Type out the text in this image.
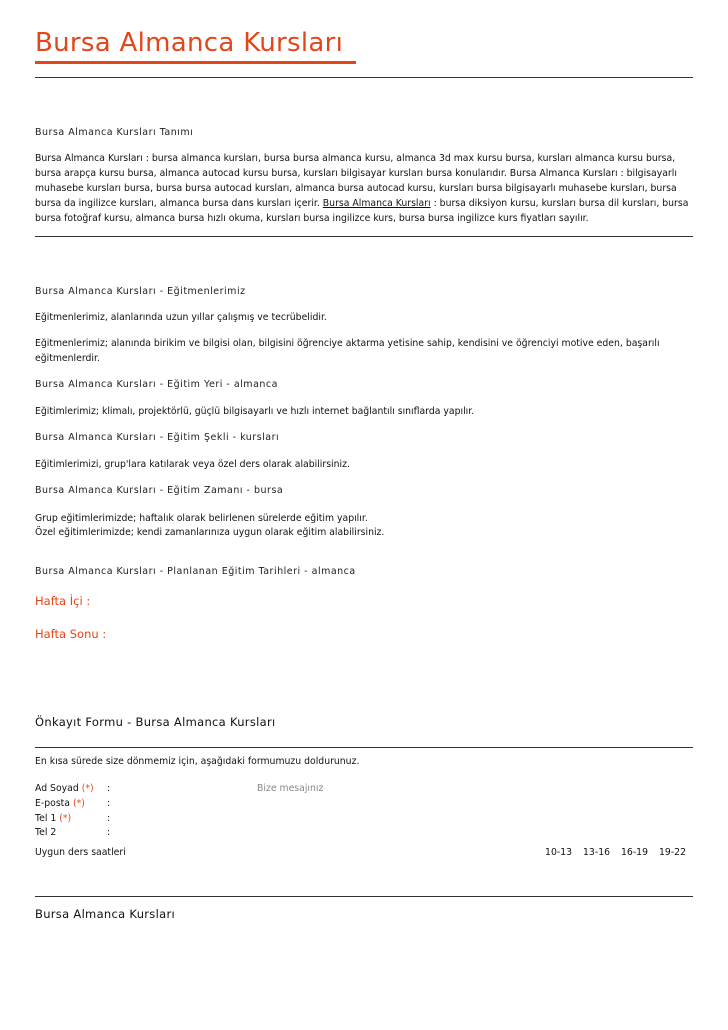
Bursa Almanca Kursları
Bursa Almanca Kursları Tanımı

Bursa Almanca Kursları : bursa almanca kursları, bursa bursa almanca kursu, almanca 3d max kursu bursa, kursları almanca kursu bursa, bursa arapça kursu bursa, almanca autocad kursu bursa, kursları bilgisayar kursları bursa konularıdır. Bursa Almanca Kursları : bilgisayarlı muhasebe kursları bursa, bursa bursa autocad kursları, almanca bursa autocad kursu, kursları bursa bilgisayarlı muhasebe kursları, bursa bursa da ingilizce kursları, almanca bursa dans kursları içerir. Bursa Almanca Kursları : bursa diksiyon kursu, kursları bursa dil kursları, bursa bursa fotoğraf kursu, almanca bursa hızlı okuma, kursları bursa ingilizce kurs, bursa bursa ingilizce kurs fiyatları sayılır.

Bursa Almanca Kursları - Eğitmenlerimiz

Eğitmenlerimiz, alanlarında uzun yıllar çalışmış ve tecrübelidir.

Eğitmenlerimiz; alanında birikim ve bilgisi olan, bilgisini öğrenciye aktarma yetisine sahip, kendisini ve öğrenciyi motive eden, başarılı eğitmenlerdir.

Bursa Almanca Kursları - Eğitim Yeri - almanca

Eğitimlerimiz; klimalı, projektörlü, güçlü bilgisayarlı ve hızlı internet bağlantılı sınıflarda yapılır.

Bursa Almanca Kursları - Eğitim Şekli - kursları

Eğitimlerimizi, grup'lara katılarak veya özel ders olarak alabilirsiniz.

Bursa Almanca Kursları - Eğitim Zamanı - bursa

Grup eğitimlerimizde; haftalık olarak belirlenen sürelerde eğitim yapılır.

Özel eğitimlerimizde; kendi zamanlarınıza uygun olarak eğitim alabilirsiniz.

Bursa Almanca Kursları - Planlanan Eğitim Tarihleri - almanca
Hafta İçi :
Hafta Sonu :
Önkayıt Formu - Bursa Almanca Kursları

En kısa sürede size dönmemiz için, aşağıdaki formumuzu doldurunuz.

Ad Soyad (*) :
E-posta (*) :
Tel 1 (*)	:
Tel 2	:
Bize mesajınız
Uygun ders saatleri	10-13 13-16 16-19 19-22
Bursa Almanca Kursları
